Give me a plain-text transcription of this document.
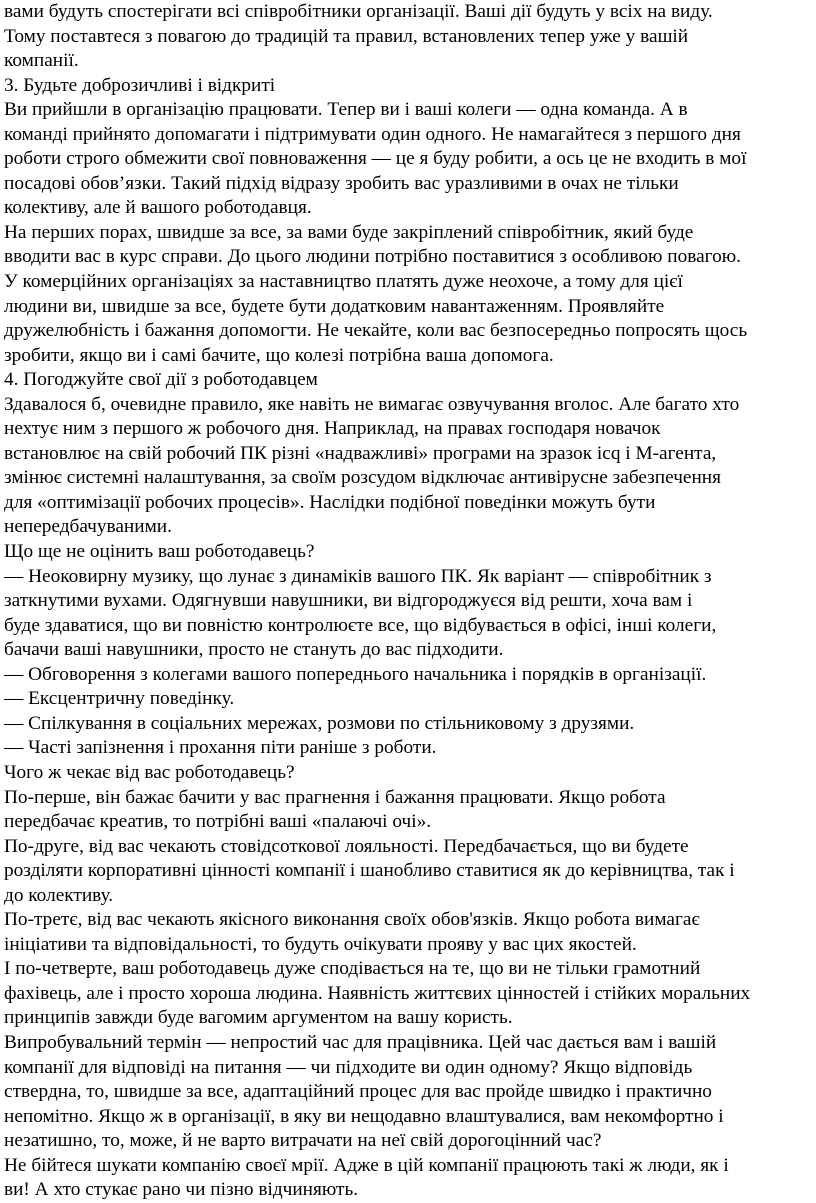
вами будуть спостерігати всі співробітники організації. Ваші дії будуть у всіх на виду.
Тому поставтеся з повагою до традицій та правил, встановлених тепер уже у вашій
компанії.
3. Будьте доброзичливі і відкриті
Ви прийшли в організацію працювати. Тепер ви і ваші колеги — одна команда. А в
команді прийнято допомагати і підтримувати один одного. Не намагайтеся з першого дня
роботи строго обмежити свої повноваження — це я буду робити, а ось це не входить в мої
посадові обов’язки. Такий підхід відразу зробить вас уразливими в очах не тільки
колективу, але й вашого роботодавця.
На перших порах, швидше за все, за вами буде закріплений співробітник, який буде
вводити вас в курс справи. До цього людини потрібно поставитися з особливою повагою.
У комерційних організаціях за наставництво платять дуже неохоче, а тому для цієї
людини ви, швидше за все, будете бути додатковим навантаженням. Проявляйте
дружелюбність і бажання допомогти. Не чекайте, коли вас безпосередньо попросять щось
зробити, якщо ви і самі бачите, що колезі потрібна ваша допомога.
4. Погоджуйте свої дії з роботодавцем
Здавалося б, очевидне правило, яке навіть не вимагає озвучування вголос. Але багато хто
нехтує ним з першого ж робочого дня. Наприклад, на правах господаря новачок
встановлює на свій робочий ПК різні «надважливі» програми на зразок icq і М-агента,
змінює системні налаштування, за своїм розсудом відключає антивірусне забезпечення
для «оптимізації робочих процесів». Наслідки подібної поведінки можуть бути
непередбачуваними.
Що ще не оцінить ваш роботодавець?
— Неоковирну музику, що лунає з динаміків вашого ПК. Як варіант — співробітник з
заткнутими вухами. Одягнувши навушники, ви відгороджуєся від решти, хоча вам і
буде здаватися, що ви повністю контролюєте все, що відбувається в офісі, інші колеги,
бачачи ваші навушники, просто не стануть до вас підходити.
— Обговорення з колегами вашого попереднього начальника і порядків в організації.
— Ексцентричну поведінку.
— Спілкування в соціальних мережах, розмови по стільниковому з друзями.
— Часті запізнення і прохання піти раніше з роботи.
Чого ж чекає від вас роботодавець?
По-перше, він бажає бачити у вас прагнення і бажання працювати. Якщо робота
передбачає креатив, то потрібні ваші «палаючі очі».
По-друге, від вас чекають стовідсоткової лояльності. Передбачається, що ви будете
розділяти корпоративні цінності компанії і шанобливо ставитися як до керівництва, так і
до колективу.
По-третє, від вас чекають якісного виконання своїх обов'язків. Якщо робота вимагає
ініціативи та відповідальності, то будуть очікувати прояву у вас цих якостей.
І по-четверте, ваш роботодавець дуже сподівається на те, що ви не тільки грамотний
фахівець, але і просто хороша людина. Наявність життєвих цінностей і стійких моральних
принципів завжди буде вагомим аргументом на вашу користь.
Випробувальний термін — непростий час для працівника. Цей час дається вам і вашій
компанії для відповіді на питання — чи підходите ви один одному? Якщо відповідь
ствердна, то, швидше за все, адаптаційний процес для вас пройде швидко і практично
непомітно. Якщо ж в організації, в яку ви нещодавно влаштувалися, вам некомфортно і
незатишно, то, може, й не варто витрачати на неї свій дорогоцінний час?
Не бійтеся шукати компанію своєї мрії. Адже в цій компанії працюють такі ж люди, як і
ви! А хто стукає рано чи пізно відчиняють.
